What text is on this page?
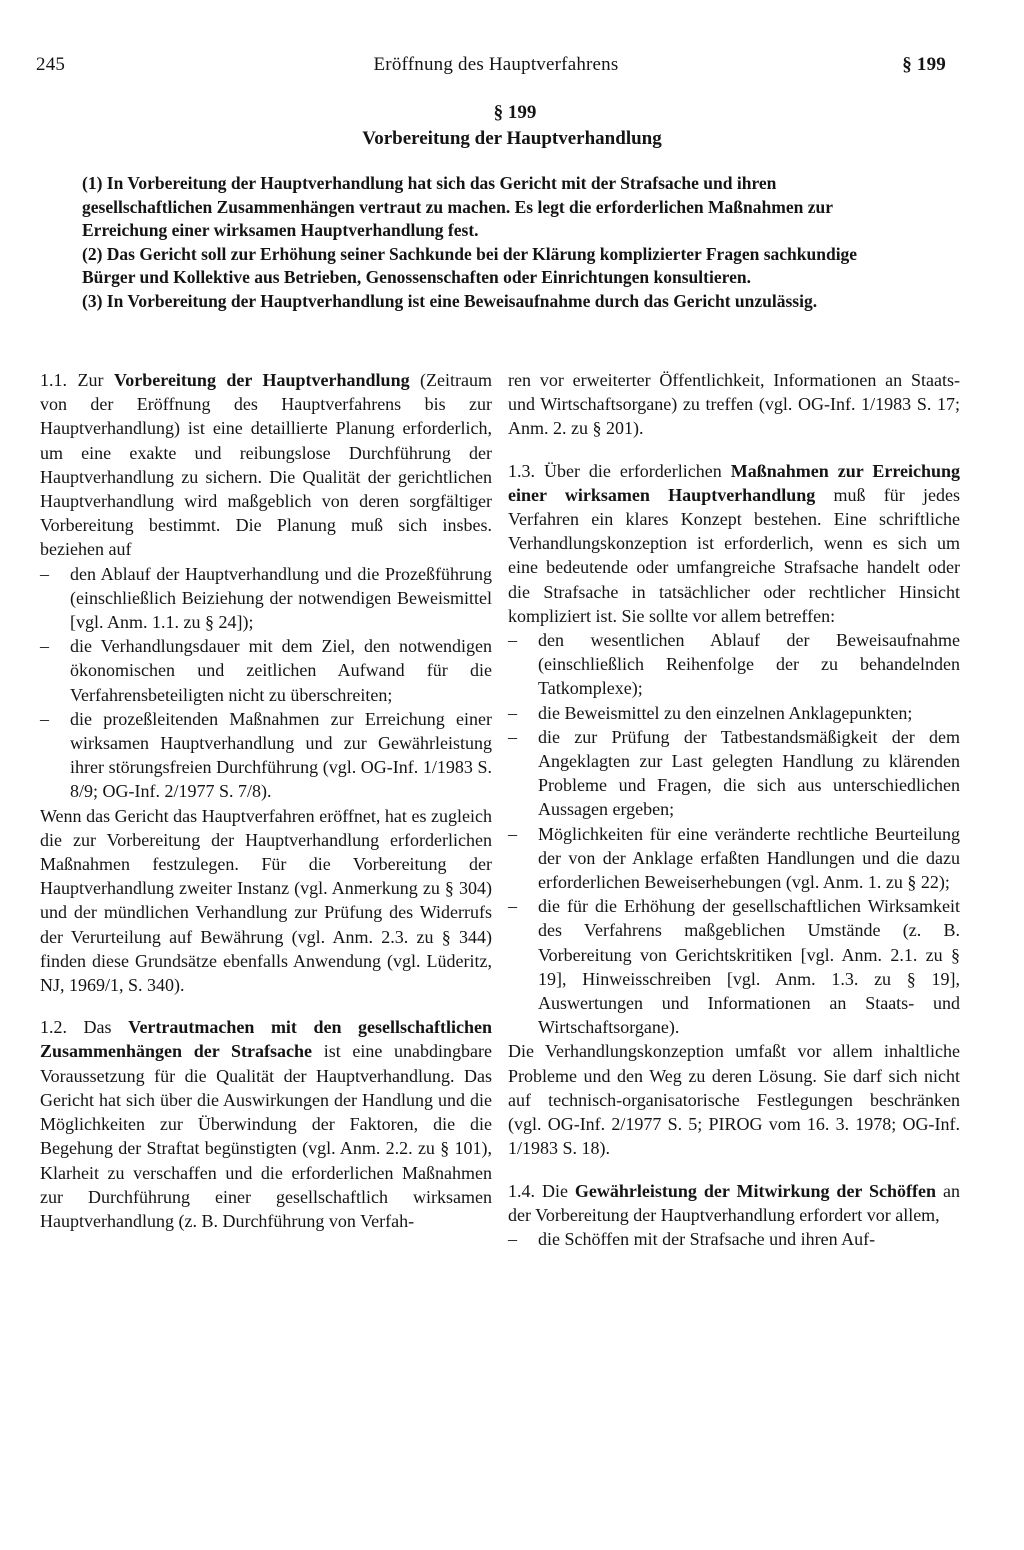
245	Eröffnung des Hauptverfahrens	§ 199
§ 199
Vorbereitung der Hauptverhandlung

(1) In Vorbereitung der Hauptverhandlung hat sich das Gericht mit der Strafsache und ihren gesellschaftlichen Zusammenhängen vertraut zu machen. Es legt die erforderlichen Maßnahmen zur Erreichung einer wirksamen Hauptverhandlung fest.

(2) Das Gericht soll zur Erhöhung seiner Sachkunde bei der Klärung komplizierter Fragen sachkundige Bürger und Kollektive aus Betrieben, Genossenschaften oder Einrichtungen konsultieren.

(3) In Vorbereitung der Hauptverhandlung ist eine Beweisaufnahme durch das Gericht unzulässig.

1.1. Zur Vorbereitung der Hauptverhandlung (Zeitraum von der Eröffnung des Hauptverfahrens bis zur Hauptverhandlung) ist eine detaillierte Planung erforderlich, um eine exakte und reibungslose Durchführung der Hauptverhandlung zu sichern. Die Qualität der gerichtlichen Hauptverhandlung wird maßgeblich von deren sorgfältiger Vorbereitung bestimmt. Die Planung muß sich insbes. beziehen auf

–	den Ablauf der Hauptverhandlung und die Prozeßführung (einschließlich Beiziehung der notwendigen Beweismittel [vgl. Anm. 1.1. zu § 24]);
–	die Verhandlungsdauer mit dem Ziel, den notwendigen ökonomischen und zeitlichen Aufwand für die Verfahrensbeteiligten nicht zu überschreiten;
–	die prozeßleitenden Maßnahmen zur Erreichung einer wirksamen Hauptverhandlung und zur Gewährleistung ihrer störungsfreien Durchführung (vgl. OG-Inf. 1/1983 S. 8/9; OG-Inf. 2/1977 S. 7/8).

Wenn das Gericht das Hauptverfahren eröffnet, hat es zugleich die zur Vorbereitung der Hauptverhandlung erforderlichen Maßnahmen festzulegen. Für die Vorbereitung der Hauptverhandlung zweiter Instanz (vgl. Anmerkung zu § 304) und der mündlichen Verhandlung zur Prüfung des Widerrufs der Verurteilung auf Bewährung (vgl. Anm. 2.3. zu § 344) finden diese Grundsätze ebenfalls Anwendung (vgl. Lüderitz, NJ, 1969/1, S. 340).

1.2. Das Vertrautmachen mit den gesellschaftlichen Zusammenhängen der Strafsache ist eine unabdingbare Voraussetzung für die Qualität der Hauptverhandlung. Das Gericht hat sich über die Auswirkungen der Handlung und die Möglichkeiten zur Überwindung der Faktoren, die die Begehung der Straftat begünstigten (vgl. Anm. 2.2. zu § 101), Klarheit zu verschaffen und die erforderlichen Maßnahmen zur Durchführung einer gesellschaftlich wirksamen Hauptverhandlung (z. B. Durchführung von Verfah-

ren vor erweiterter Öffentlichkeit, Informationen an Staats- und Wirtschaftsorgane) zu treffen (vgl. OG-Inf. 1/1983 S. 17; Anm. 2. zu § 201).

1.3. Über die erforderlichen Maßnahmen zur Erreichung einer wirksamen Hauptverhandlung muß für jedes Verfahren ein klares Konzept bestehen. Eine schriftliche Verhandlungskonzeption ist erforderlich, wenn es sich um eine bedeutende oder umfangreiche Strafsache handelt oder die Strafsache in tatsächlicher oder rechtlicher Hinsicht kompliziert ist. Sie sollte vor allem betreffen:

–	den wesentlichen Ablauf der Beweisaufnahme (einschließlich Reihenfolge der zu behandelnden Tatkomplexe);
–	die Beweismittel zu den einzelnen Anklagepunkten;
–	die zur Prüfung der Tatbestandsmäßigkeit der dem Angeklagten zur Last gelegten Handlung zu klärenden Probleme und Fragen, die sich aus unterschiedlichen Aussagen ergeben;
–	Möglichkeiten für eine veränderte rechtliche Beurteilung der von der Anklage erfaßten Handlungen und die dazu erforderlichen Beweiserhebungen (vgl. Anm. 1. zu § 22);
–	die für die Erhöhung der gesellschaftlichen Wirksamkeit des Verfahrens maßgeblichen Umstände (z. B. Vorbereitung von Gerichtskritiken [vgl. Anm. 2.1. zu § 19], Hinweisschreiben [vgl. Anm. 1.3. zu § 19], Auswertungen und Informationen an Staats- und Wirtschaftsorgane).

Die Verhandlungskonzeption umfaßt vor allem inhaltliche Probleme und den Weg zu deren Lösung. Sie darf sich nicht auf technisch-organisatorische Festlegungen beschränken (vgl. OG-Inf. 2/1977 S. 5; PIROG vom 16. 3. 1978; OG-Inf. 1/1983 S. 18).

1.4. Die Gewährleistung der Mitwirkung der Schöffen an der Vorbereitung der Hauptverhandlung erfordert vor allem,

–	die Schöffen mit der Strafsache und ihren Auf-
